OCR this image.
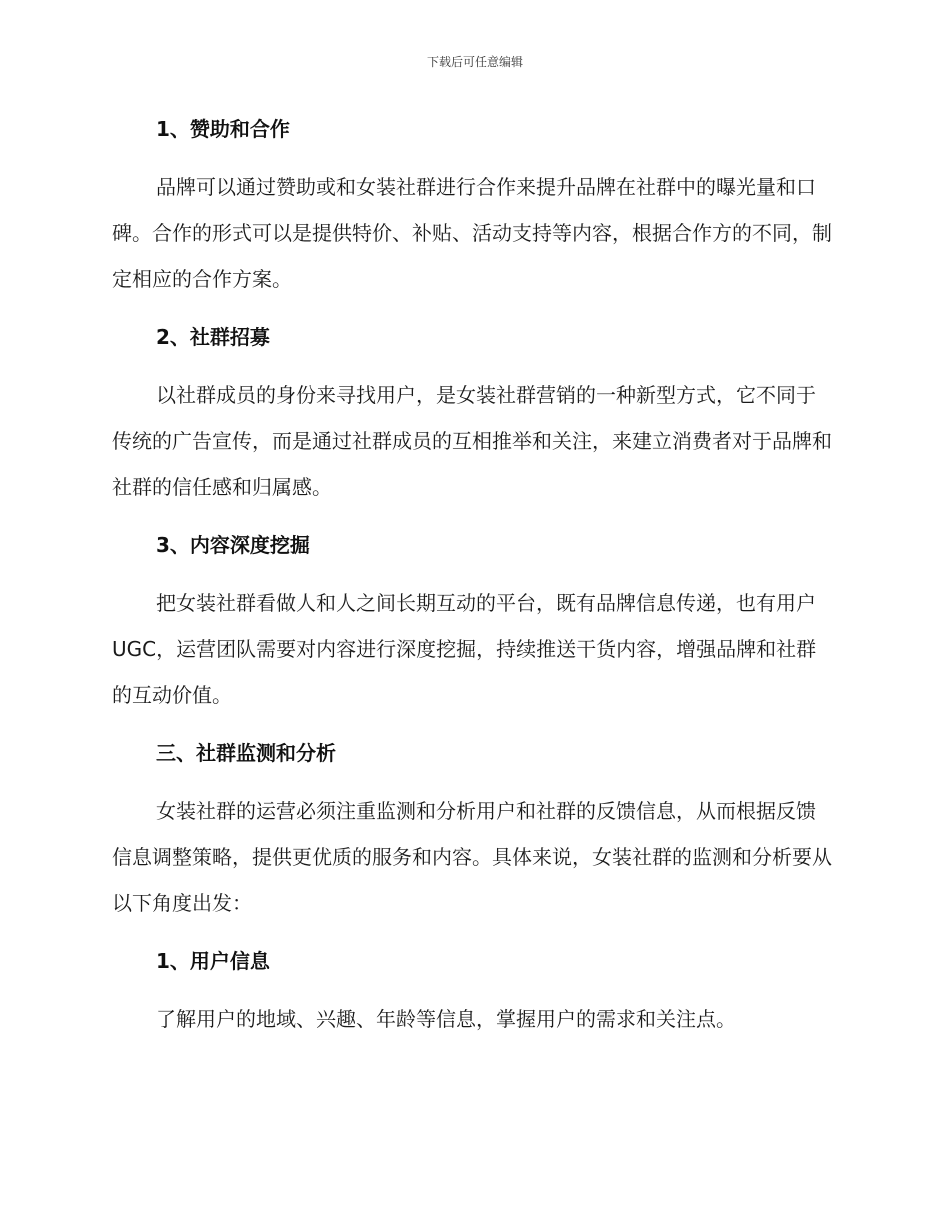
下载后可任意编辑
1、赞助和合作

品牌可以通过赞助或和女装社群进行合作来提升品牌在社群中的曝光量和口碑。合作的形式可以是提供特价、补贴、活动支持等内容，根据合作方的不同，制定相应的合作方案。

2、社群招募

以社群成员的身份来寻找用户，是女装社群营销的一种新型方式，它不同于传统的广告宣传，而是通过社群成员的互相推举和关注，来建立消费者对于品牌和社群的信任感和归属感。

3、内容深度挖掘

把女装社群看做人和人之间长期互动的平台，既有品牌信息传递，也有用户 UGC，运营团队需要对内容进行深度挖掘，持续推送干货内容，增强品牌和社群的互动价值。

三、社群监测和分析

女装社群的运营必须注重监测和分析用户和社群的反馈信息，从而根据反馈信息调整策略，提供更优质的服务和内容。具体来说，女装社群的监测和分析要从以下角度出发：

1、用户信息

了解用户的地域、兴趣、年龄等信息，掌握用户的需求和关注点。
